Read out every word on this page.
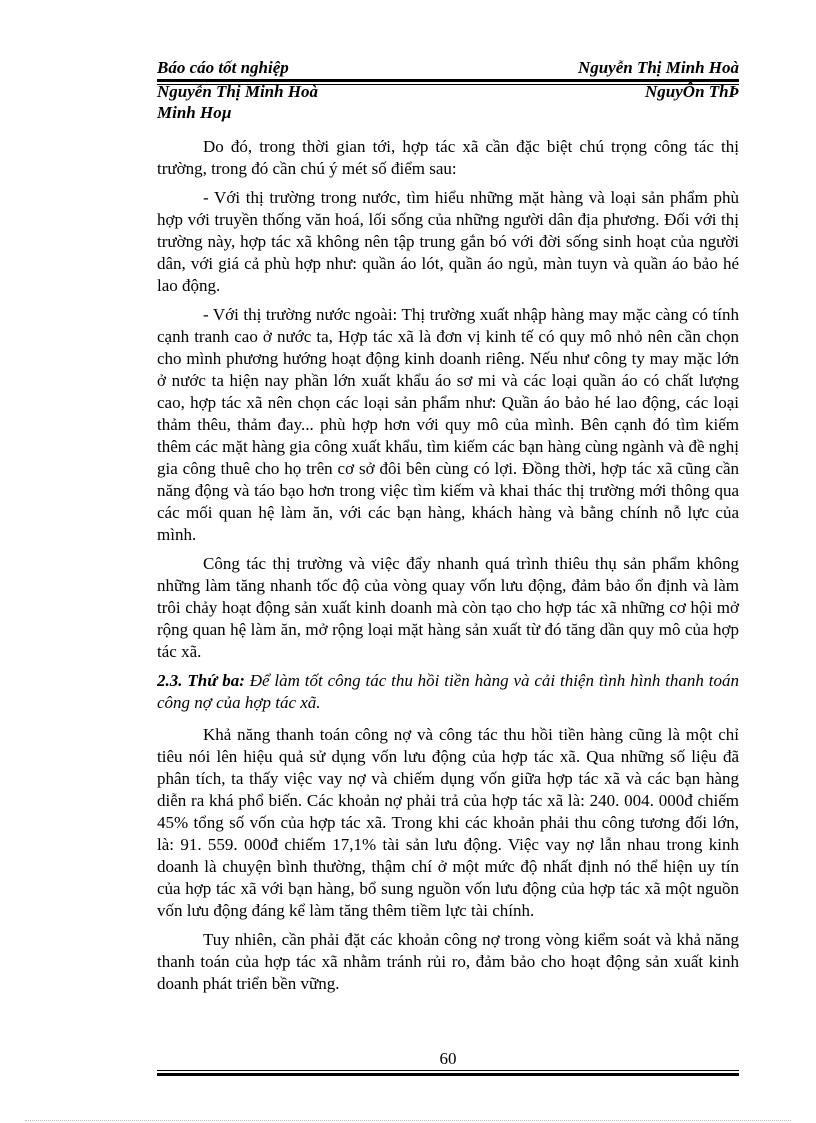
Báo cáo tốt nghiệp	Nguyễn Thị Minh Hoà
Nguyễn Thị Minh Hoà	NguyÔn ThÞ
Minh Hoµ

Do đó, trong thời gian tới, hợp tác xã cần đặc biệt chú trọng công tác thị trường, trong đó cần chú ý mét số điểm sau:

- Với thị trường trong nước, tìm hiểu những mặt hàng và loại sản phẩm phù hợp với truyền thống văn hoá, lối sống của những người dân địa phương. Đối với thị trường này, hợp tác xã không nên tập trung gắn bó với đời sống sinh hoạt của người dân, với giá cả phù hợp như: quần áo lót, quần áo ngủ, màn tuyn và quần áo bảo hé lao động.

- Với thị trường nước ngoài: Thị trường xuất nhập hàng may mặc càng có tính cạnh tranh cao ở nước ta, Hợp tác xã là đơn vị kinh tế có quy mô nhỏ nên cần chọn cho mình phương hướng hoạt động kinh doanh riêng. Nếu như công ty may mặc lớn ở nước ta hiện nay phần lớn xuất khẩu áo sơ mi và các loại quần áo có chất lượng cao, hợp tác xã nên chọn các loại sản phẩm như: Quần áo bảo hé lao động, các loại thảm thêu, thảm đay... phù hợp hơn với quy mô của mình. Bên cạnh đó tìm kiếm thêm các mặt hàng gia công xuất khẩu, tìm kiếm các bạn hàng cùng ngành và đề nghị gia công thuê cho họ trên cơ sở đôi bên cùng có lợi. Đồng thời, hợp tác xã cũng cần năng động và táo bạo hơn trong việc tìm kiếm và khai thác thị trường mới thông qua các mối quan hệ làm ăn, với các bạn hàng, khách hàng và bằng chính nỗ lực của mình.

Công tác thị trường và việc đẩy nhanh quá trình thiêu thụ sản phẩm không những làm tăng nhanh tốc độ của vòng quay vốn lưu động, đảm bảo ổn định và làm trôi chảy hoạt động sản xuất kinh doanh mà còn tạo cho hợp tác xã những cơ hội mở rộng quan hệ làm ăn, mở rộng loại mặt hàng sản xuất từ đó tăng dần quy mô của hợp tác xã.

2.3. Thứ ba: Để làm tốt công tác thu hồi tiền hàng và cải thiện tình hình thanh toán công nợ của hợp tác xã.

Khả năng thanh toán công nợ và công tác thu hồi tiền hàng cũng là một chỉ tiêu nói lên hiệu quả sử dụng vốn lưu động của hợp tác xã. Qua những số liệu đã phân tích, ta thấy việc vay nợ và chiếm dụng vốn giữa hợp tác xã và các bạn hàng diễn ra khá phổ biến. Các khoản nợ phải trả của hợp tác xã là: 240. 004. 000đ chiếm 45% tổng số vốn của hợp tác xã. Trong khi các khoản phải thu công tương đối lớn, là: 91. 559. 000đ chiếm 17,1% tài sản lưu động. Việc vay nợ lẫn nhau trong kinh doanh là chuyện bình thường, thậm chí ở một mức độ nhất định nó thể hiện uy tín của hợp tác xã với bạn hàng, bổ sung nguồn vốn lưu động của hợp tác xã một nguồn vốn lưu động đáng kể làm tăng thêm tiềm lực tài chính.

Tuy nhiên, cần phải đặt các khoản công nợ trong vòng kiểm soát và khả năng thanh toán của hợp tác xã nhằm tránh rủi ro, đảm bảo cho hoạt động sản xuất kinh doanh phát triển bền vững.

60
